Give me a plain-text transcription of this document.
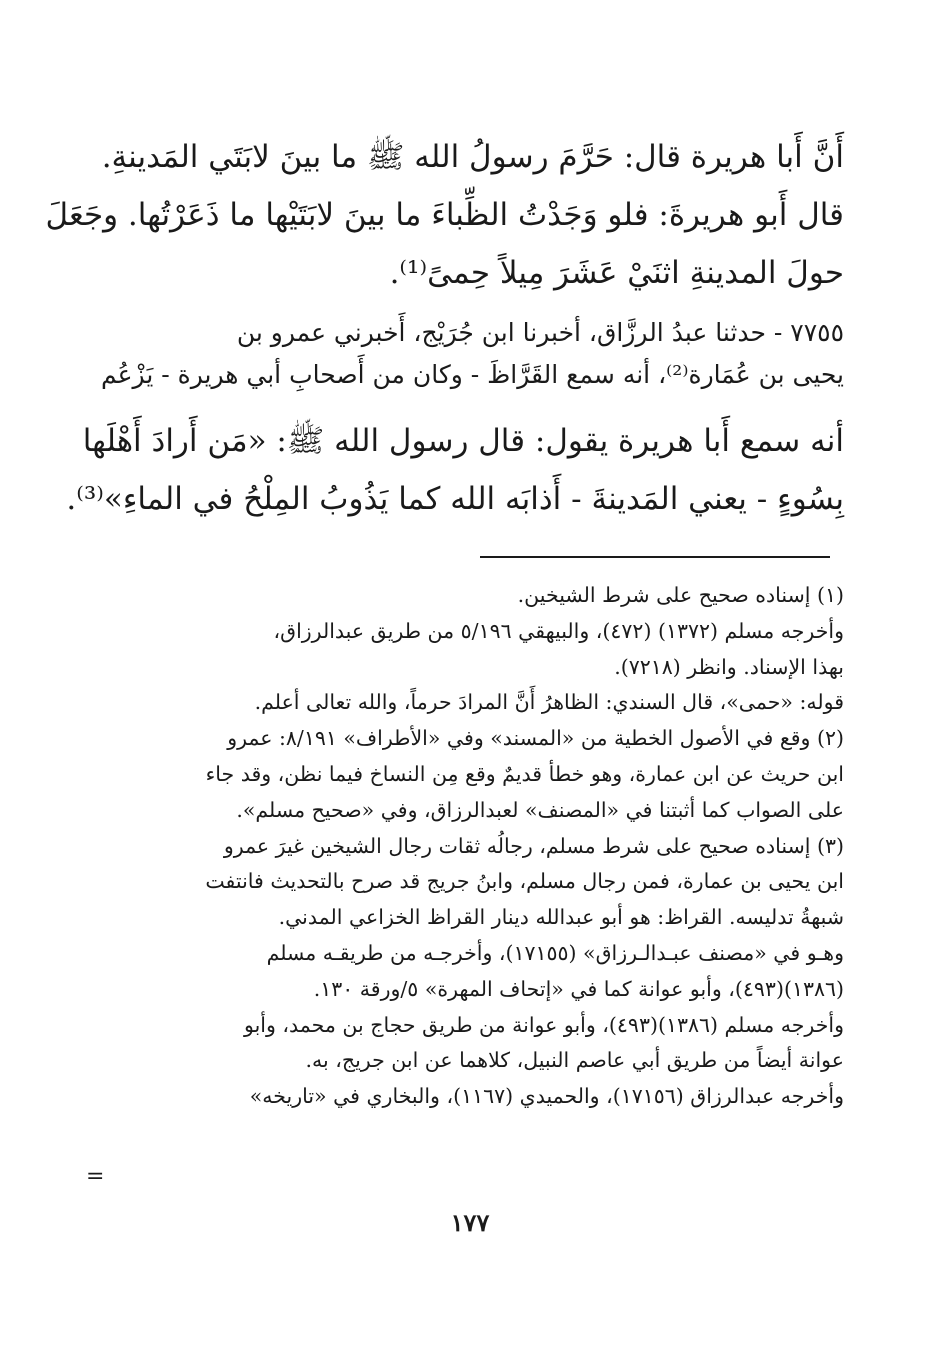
أَنَّ أَبا هريرة قال: حَرَّمَ رسولُ الله ﷺ ما بينَ لابَتَي المَدينةِ.
قال أَبو هريرةَ: فلو وَجَدْتُ الظِّباءَ ما بينَ لابَتَيْها ما ذَعَرْتُها. وجَعَلَ
حولَ المدينةِ اثنَيْ عَشَرَ مِيلاً حِمىً⁽¹⁾.
٧٧٥٥ - حدثنا عبدُ الرزَّاق، أخبرنا ابن جُرَيْج، أَخبرني عمرو بن
يحيى بن عُمَارة⁽²⁾، أنه سمع القَرَّاظَ - وكان من أَصحابِ أبي هريرة - يَزْعُم
أنه سمع أَبا هريرة يقول: قال رسول الله ﷺ: «مَن أَرادَ أَهْلَها
بِسُوءٍ - يعني المَدينةَ - أَذابَه الله كما يَذُوبُ المِلْحُ في الماءِ»⁽³⁾.
(١) إسناده صحيح على شرط الشيخين.
وأخرجه مسلم (١٣٧٢) (٤٧٢)، والبيهقي ٥/١٩٦ من طريق عبدالرزاق،
بهذا الإسناد. وانظر (٧٢١٨).
قوله: «حمى»، قال السندي: الظاهرُ أَنَّ المرادَ حرماً، والله تعالى أعلم.
(٢) وقع في الأصول الخطية من «المسند» وفي «الأطراف» ٨/١٩١: عمرو
ابن حريث عن ابن عمارة، وهو خطأ قديمٌ وقع مِن النساخ فيما نظن، وقد جاء
على الصواب كما أثبتنا في «المصنف» لعبدالرزاق، وفي «صحيح مسلم».
(٣) إسناده صحيح على شرط مسلم، رجالُه ثقات رجال الشيخين غيرَ عمرو
ابن يحيى بن عمارة، فمن رجال مسلم، وابنُ جريج قد صرح بالتحديث فانتفت
شبهةُ تدليسه. القراظ: هو أبو عبدالله دينار القراظ الخزاعي المدني.
وهـو في «مصنف عبـدالـرزاق» (١٧١٥٥)، وأخرجـه من طريقـه مسلم
(١٣٨٦)(٤٩٣)، وأبو عوانة كما في «إتحاف المهرة» ٥/ورقة ١٣٠.
وأخرجه مسلم (١٣٨٦)(٤٩٣)، وأبو عوانة من طريق حجاج بن محمد، وأبو
عوانة أيضاً من طريق أبي عاصم النبيل، كلاهما عن ابن جريج، به.
وأخرجه عبدالرزاق (١٧١٥٦)، والحميدي (١١٦٧)، والبخاري في «تاريخه»
=
١٧٧
